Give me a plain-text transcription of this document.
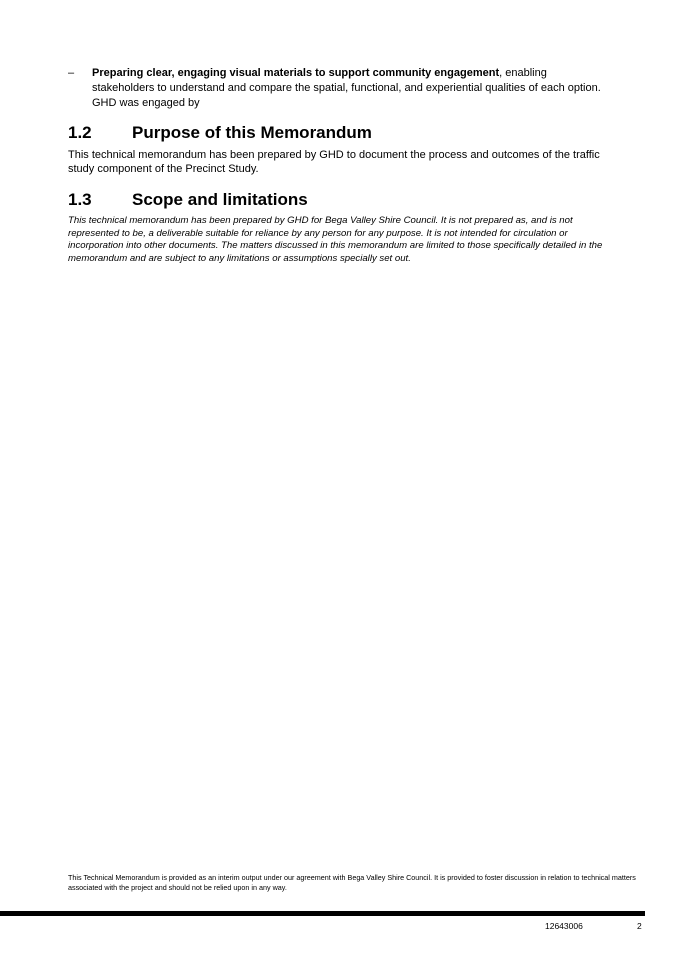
–	Preparing clear, engaging visual materials to support community engagement, enabling stakeholders to understand and compare the spatial, functional, and experiential qualities of each option. GHD was engaged by
1.2 Purpose of this Memorandum
This technical memorandum has been prepared by GHD to document the process and outcomes of the traffic study component of the Precinct Study.
1.3 Scope and limitations
This technical memorandum has been prepared by GHD for Bega Valley Shire Council. It is not prepared as, and is not represented to be, a deliverable suitable for reliance by any person for any purpose. It is not intended for circulation or incorporation into other documents. The matters discussed in this memorandum are limited to those specifically detailed in the memorandum and are subject to any limitations or assumptions specially set out.
This Technical Memorandum is provided as an interim output under our agreement with Bega Valley Shire Council. It is provided to foster discussion in relation to technical matters associated with the project and should not be relied upon in any way.
12643006	2
